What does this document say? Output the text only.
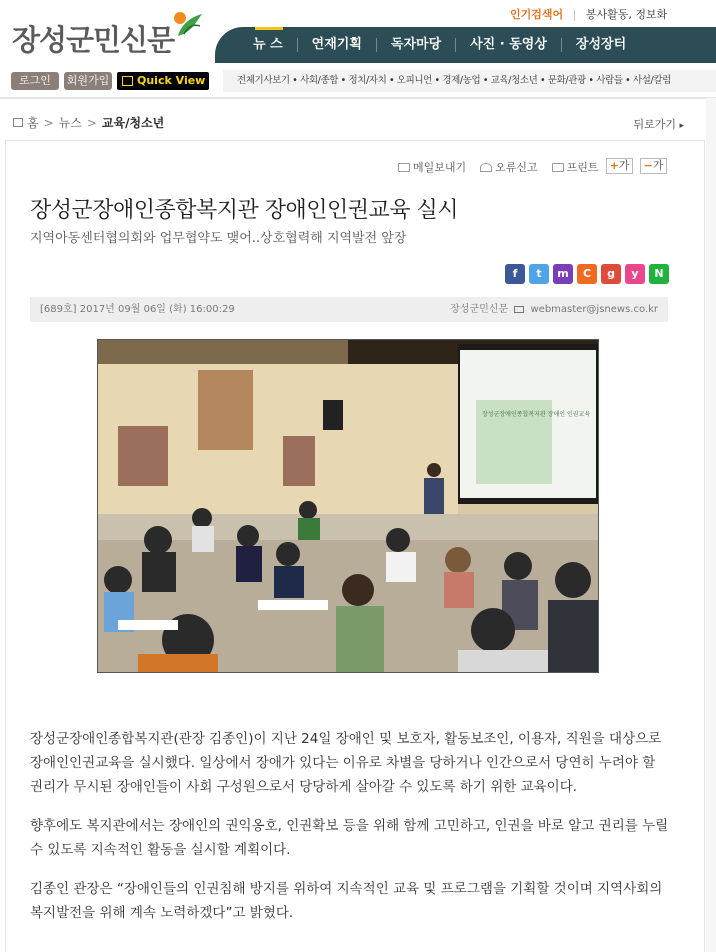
장성군민신문
인기검색어 | 봉사활동, 정보화
뉴 스 연재기획 독자마당 사진 · 동영상 장성장터
로그인	회원가입	Quick View	전체기사보기 • 사회/종합 • 정치/자치 • 오피니언 • 경제/농업 • 교육/청소년 • 문화/관광 • 사람들 • 사설/칼럼
홈 > 뉴스 > 교육/청소년	뒤로가기 ▸
메일보내기	오류신고	프린트	+가	−가
장성군장애인종합복지관 장애인인권교육 실시
지역아동센터협의회와 업무협약도 맺어..상호협력해 지역발전 앞장
f	t	m	C	g	y	N
[689호] 2017년 09월 06일 (화) 16:00:29	장성군민신문 webmaster@jsnews.co.kr
장성군장애인종합복지관 장애인 인권교육

장성군장애인종합복지관(관장 김종인)이 지난 24일 장애인 및 보호자, 활동보조인, 이용자, 직원을 대상으로 장애인인권교육을 실시했다. 일상에서 장애가 있다는 이유로 차별을 당하거나 인간으로서 당연히 누려야 할 권리가 무시된 장애인들이 사회 구성원으로서 당당하게 살아갈 수 있도록 하기 위한 교육이다.

향후에도 복지관에서는 장애인의 권익옹호, 인권확보 등을 위해 함께 고민하고, 인권을 바로 알고 권리를 누릴 수 있도록 지속적인 활동을 실시할 계획이다.

김종인 관장은 “장애인들의 인권침해 방지를 위하여 지속적인 교육 및 프로그램을 기획할 것이며 지역사회의 복지발전을 위해 계속 노력하겠다”고 밝혔다.
